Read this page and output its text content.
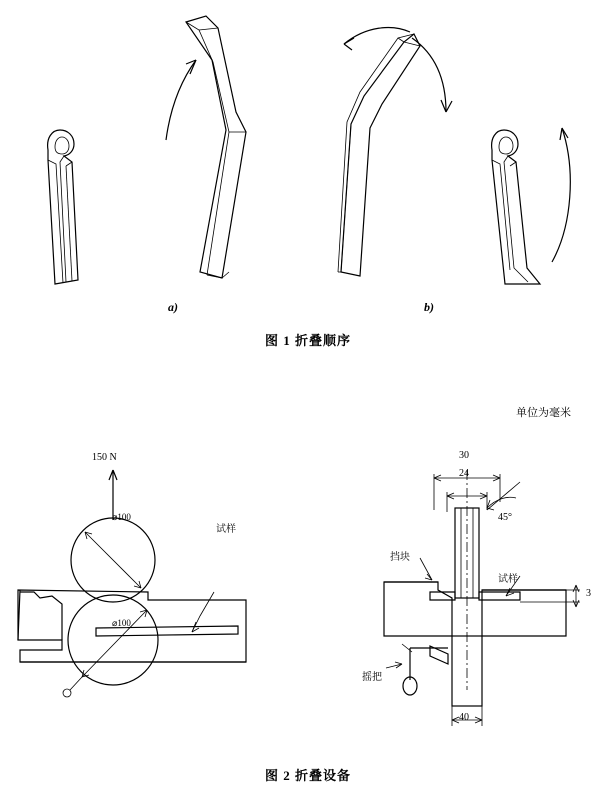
a)	b)
图 1 折叠顺序
单位为毫米
150 N
⌀100
⌀100
试样
30
24
45°
3
40
挡块
试样
摇把
图 2 折叠设备
